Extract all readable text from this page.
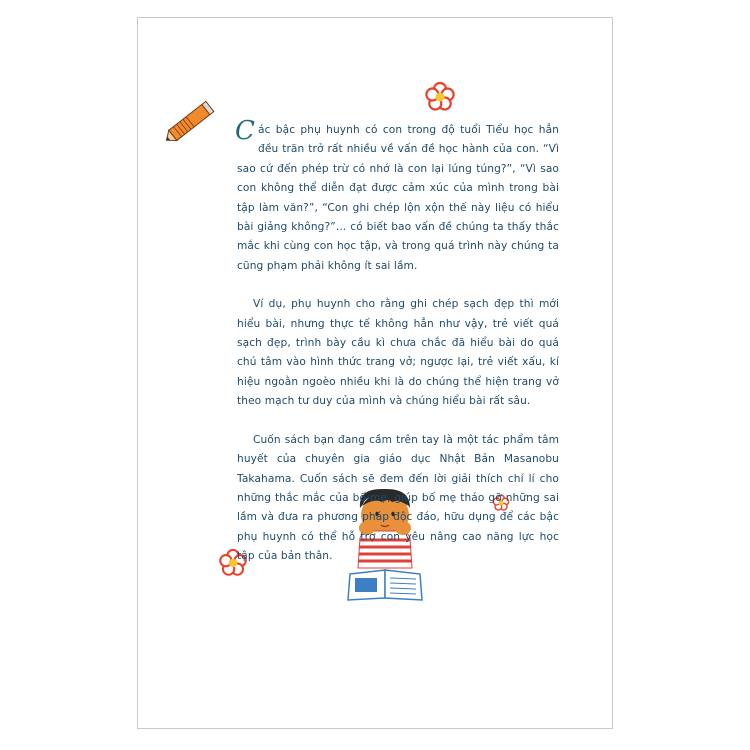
Các bậc phụ huynh có con trong độ tuổi Tiểu học hẳn đều trăn trở rất nhiều về vấn đề học hành của con. “Vì sao cứ đến phép trừ có nhớ là con lại lúng túng?”, “Vì sao con không thể diễn đạt được cảm xúc của mình trong bài tập làm văn?”, “Con ghi chép lộn xộn thế này liệu có hiểu bài giảng không?”… có biết bao vấn đề chúng ta thấy thắc mắc khi cùng con học tập, và trong quá trình này chúng ta cũng phạm phải không ít sai lầm.

Ví dụ, phụ huynh cho rằng ghi chép sạch đẹp thì mới hiểu bài, nhưng thực tế không hẳn như vậy, trẻ viết quá sạch đẹp, trình bày cầu kì chưa chắc đã hiểu bài do quá chú tâm vào hình thức trang vở; ngược lại, trẻ viết xấu, kí hiệu ngoằn ngoèo nhiều khi là do chúng thể hiện trang vở theo mạch tư duy của mình và chúng hiểu bài rất sâu.

Cuốn sách bạn đang cầm trên tay là một tác phẩm tâm huyết của chuyên gia giáo dục Nhật Bản Masanobu Takahama. Cuốn sách sẽ đem đến lời giải thích chí lí cho những thắc mắc của bố mẹ, giúp bố mẹ tháo gỡ những sai lầm và đưa ra phương pháp độc đáo, hữu dụng để các bậc phụ huynh có thể hỗ trợ con yêu nâng cao năng lực học tập của bản thân.
